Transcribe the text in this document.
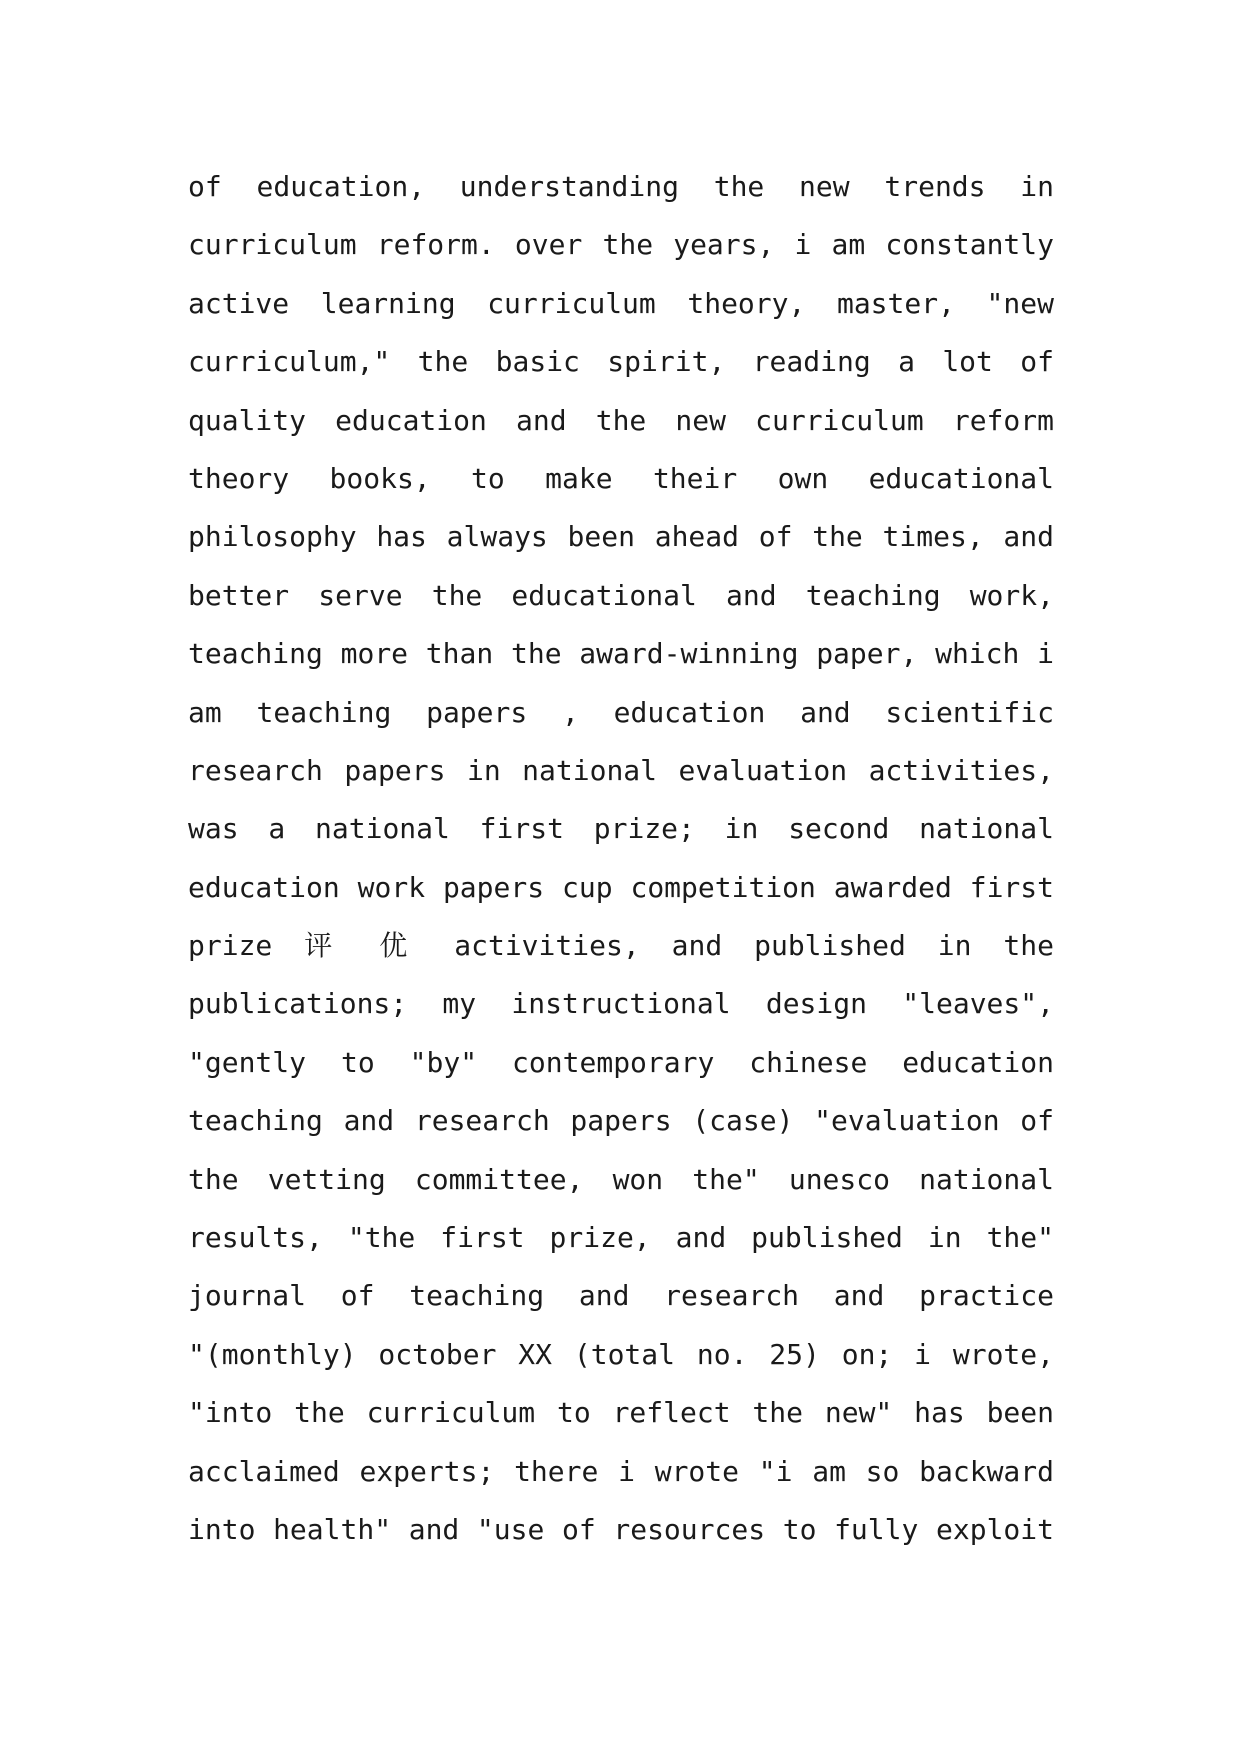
of education, understanding the new trends in
curriculum reform. over the years, i am constantly
active learning curriculum theory, master, "new
curriculum," the basic spirit, reading a lot of
quality education and the new curriculum reform
theory books, to make their own educational
philosophy has always been ahead of the times, and
better serve the educational and teaching work,
teaching more than the award-winning paper, which i
am teaching papers , education and scientific
research papers in national evaluation activities,
was a national first prize; in second national
education work papers cup competition awarded first
prize 评 优 activities, and published in the
publications; my instructional design "leaves",
"gently to "by" contemporary chinese education
teaching and research papers (case) "evaluation of
the vetting committee, won the" unesco national
results, "the first prize, and published in the"
journal of teaching and research and practice
"(monthly) october XX (total no. 25) on; i wrote,
"into the curriculum to reflect the new" has been
acclaimed experts; there i wrote "i am so backward
into health" and "use of resources to fully exploit
